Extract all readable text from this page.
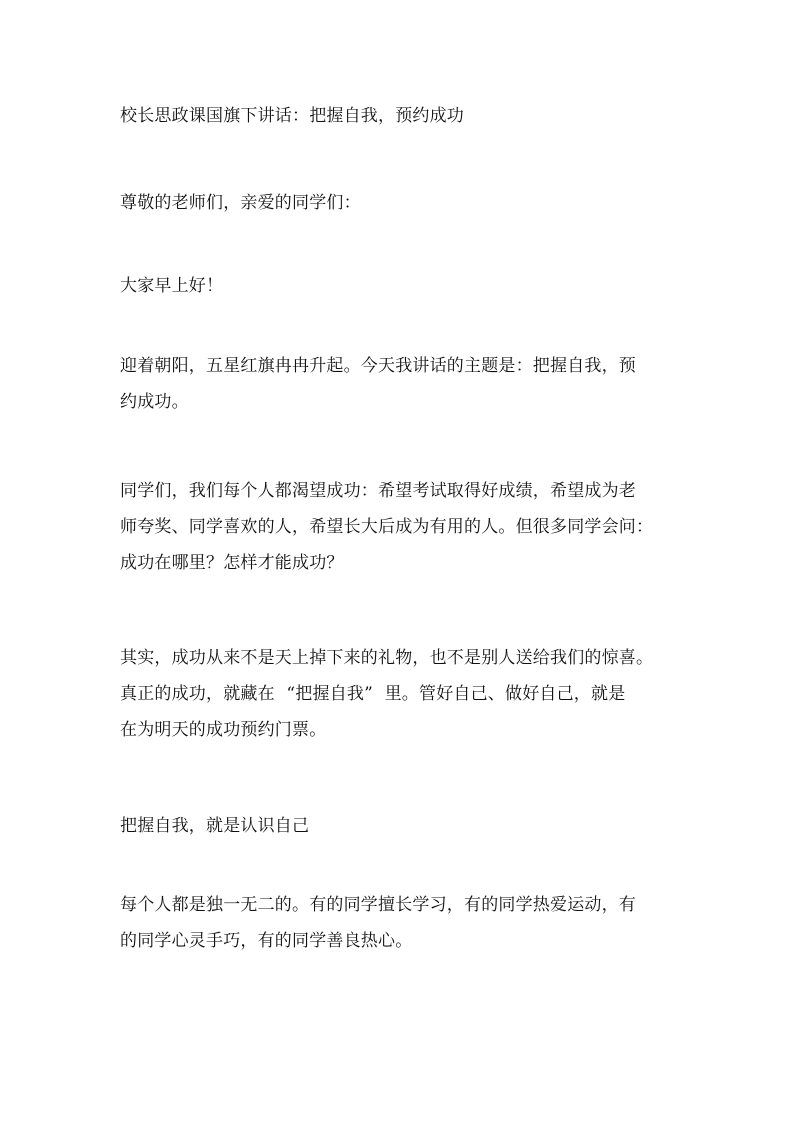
校长思政课国旗下讲话：把握自我，预约成功

尊敬的老师们，亲爱的同学们：

大家早上好！

迎着朝阳，五星红旗冉冉升起。今天我讲话的主题是：把握自我，预
约成功。

同学们，我们每个人都渴望成功：希望考试取得好成绩，希望成为老
师夸奖、同学喜欢的人，希望长大后成为有用的人。但很多同学会问：
成功在哪里？怎样才能成功？

其实，成功从来不是天上掉下来的礼物，也不是别人送给我们的惊喜。
真正的成功，就藏在 “把握自我” 里。管好自己、做好自己，就是
在为明天的成功预约门票。

把握自我，就是认识自己

每个人都是独一无二的。有的同学擅长学习，有的同学热爱运动，有
的同学心灵手巧，有的同学善良热心。
